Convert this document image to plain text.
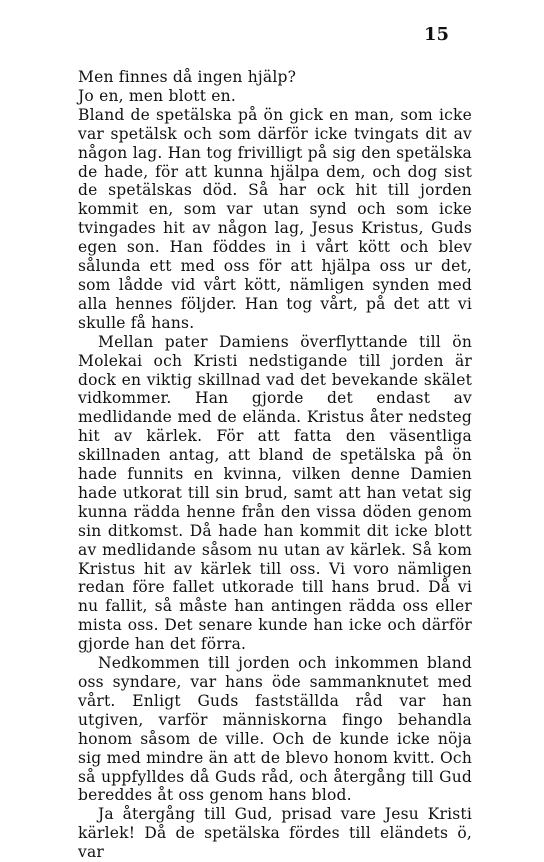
15

Men finnes då ingen hjälp?

Jo en, men blott en.

Bland de spetälska på ön gick en man, som icke var spetälsk och som därför icke tvingats dit av någon lag. Han tog frivilligt på sig den spetälska de hade, för att kunna hjälpa dem, och dog sist de spetälskas död. Så har ock hit till jorden kommit en, som var utan synd och som icke tvingades hit av någon lag, Jesus Kristus, Guds egen son. Han föddes in i vårt kött och blev sålunda ett med oss för att hjälpa oss ur det, som lådde vid vårt kött, nämligen synden med alla hennes följder. Han tog vårt, på det att vi skulle få hans.

Mellan pater Damiens överflyttande till ön Molekai och Kristi nedstigande till jorden är dock en viktig skillnad vad det bevekande skälet vidkommer. Han gjorde det endast av medlidande med de elända. Kristus åter nedsteg hit av kärlek. För att fatta den väsentliga skillnaden antag, att bland de spetälska på ön hade funnits en kvinna, vilken denne Damien hade utkorat till sin brud, samt att han vetat sig kunna rädda henne från den vissa döden genom sin ditkomst. Då hade han kommit dit icke blott av medlidande såsom nu utan av kärlek. Så kom Kristus hit av kärlek till oss. Vi voro nämligen redan före fallet utkorade till hans brud. Då vi nu fallit, så måste han antingen rädda oss eller mista oss. Det senare kunde han icke och därför gjorde han det förra.

Nedkommen till jorden och inkommen bland oss syndare, var hans öde sammanknutet med vårt. Enligt Guds fastställda råd var han utgiven, varför människorna fingo behandla honom såsom de ville. Och de kunde icke nöja sig med mindre än att de blevo honom kvitt. Och så uppfylldes då Guds råd, och återgång till Gud bereddes åt oss genom hans blod.

Ja återgång till Gud, prisad vare Jesu Kristi kärlek! Då de spetälska fördes till eländets ö, var
